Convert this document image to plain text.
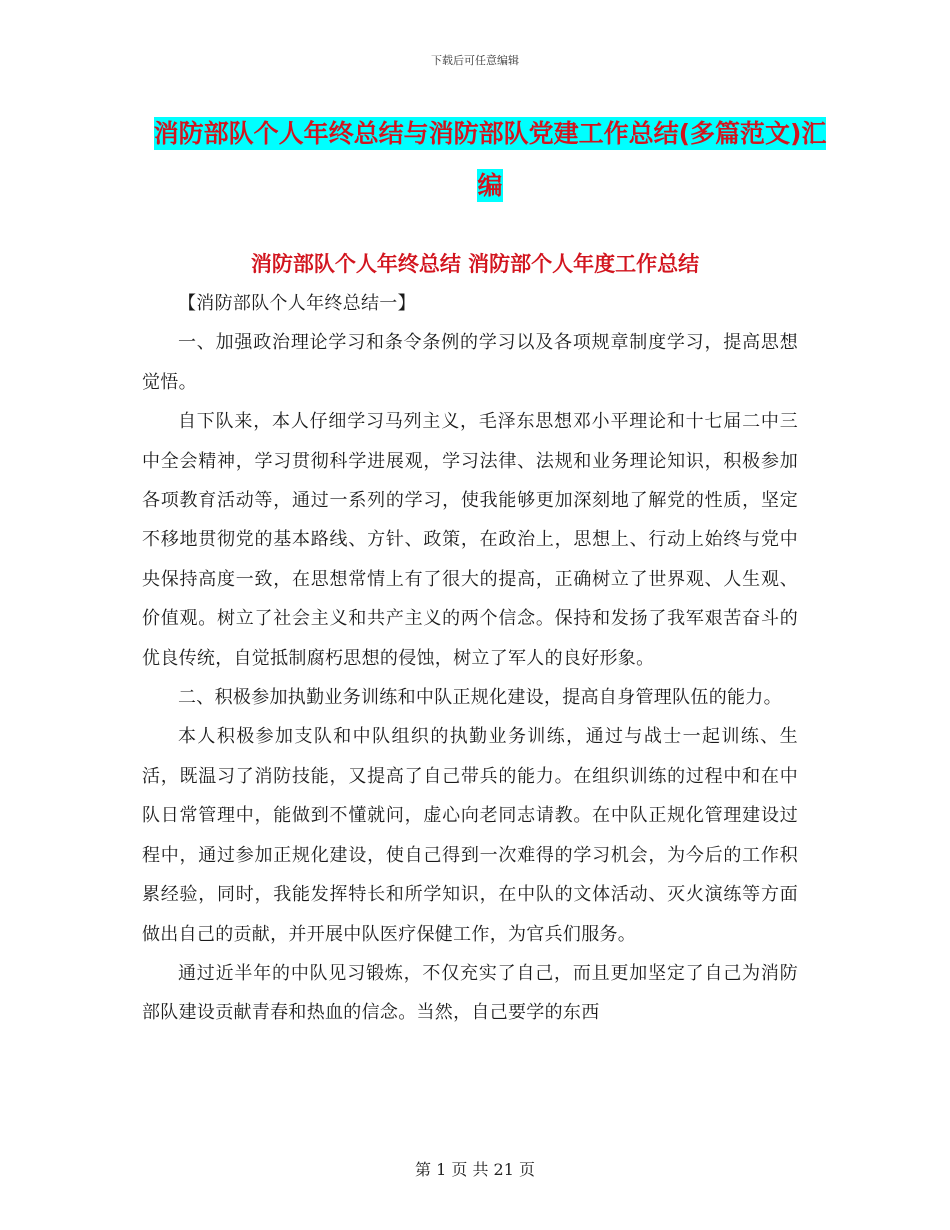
下载后可任意编辑
消防部队个人年终总结与消防部队党建工作总结(多篇范文)汇编
消防部队个人年终总结 消防部个人年度工作总结

【消防部队个人年终总结一】

一、加强政治理论学习和条令条例的学习以及各项规章制度学习，提高思想觉悟。

自下队来，本人仔细学习马列主义，毛泽东思想邓小平理论和十七届二中三中全会精神，学习贯彻科学进展观，学习法律、法规和业务理论知识，积极参加各项教育活动等，通过一系列的学习，使我能够更加深刻地了解党的性质，坚定不移地贯彻党的基本路线、方针、政策，在政治上，思想上、行动上始终与党中央保持高度一致，在思想常情上有了很大的提高，正确树立了世界观、人生观、价值观。树立了社会主义和共产主义的两个信念。保持和发扬了我军艰苦奋斗的优良传统，自觉抵制腐朽思想的侵蚀，树立了军人的良好形象。

二、积极参加执勤业务训练和中队正规化建设，提高自身管理队伍的能力。

本人积极参加支队和中队组织的执勤业务训练，通过与战士一起训练、生活，既温习了消防技能，又提高了自己带兵的能力。在组织训练的过程中和在中队日常管理中，能做到不懂就问，虚心向老同志请教。在中队正规化管理建设过程中，通过参加正规化建设，使自己得到一次难得的学习机会，为今后的工作积累经验，同时，我能发挥特长和所学知识，在中队的文体活动、灭火演练等方面做出自己的贡献，并开展中队医疗保健工作，为官兵们服务。

通过近半年的中队见习锻炼，不仅充实了自己，而且更加坚定了自己为消防部队建设贡献青春和热血的信念。当然，自己要学的东西

第 1 页 共 21 页
